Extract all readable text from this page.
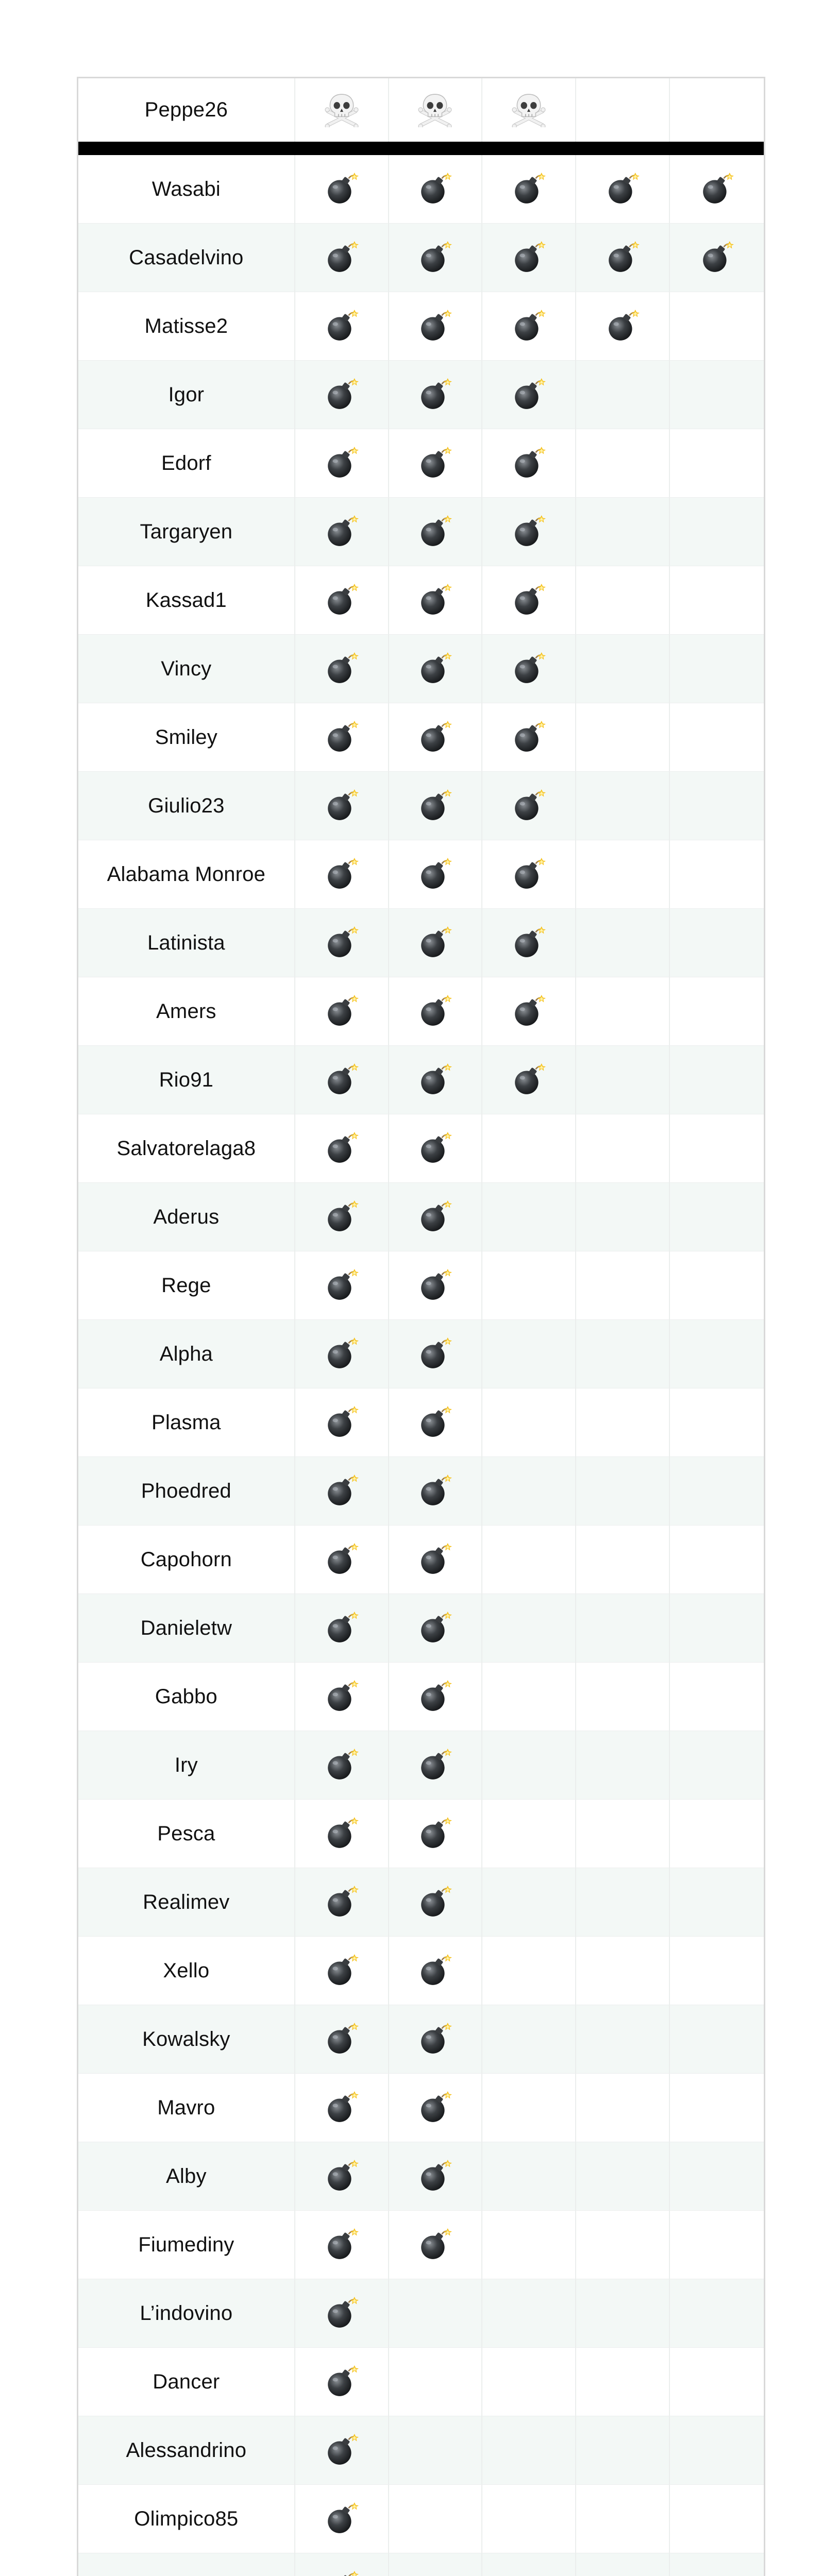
Peppe26
Wasabi
Casadelvino
Matisse2
Igor
Edorf
Targaryen
Kassad1
Vincy
Smiley
Giulio23
Alabama Monroe
Latinista
Amers
Rio91
Salvatorelaga8
Aderus
Rege
Alpha
Plasma
Phoedred
Capohorn
Danieletw
Gabbo
Iry
Pesca
Realimev
Xello
Kowalsky
Mavro
Alby
Fiumediny
L’indovino
Dancer
Alessandrino
Olimpico85
